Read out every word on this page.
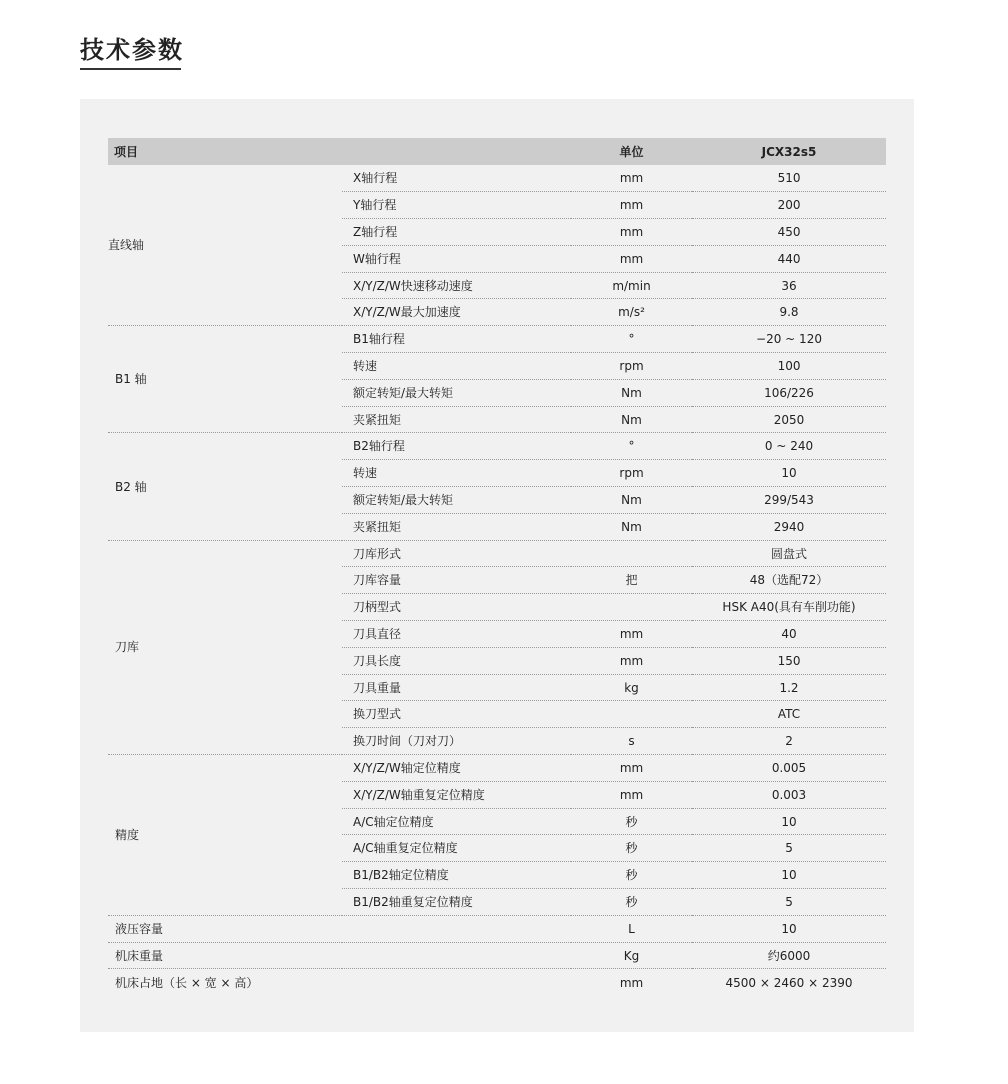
技术参数
项目		单位	JCX32s5
直线轴	X轴行程	mm	510
	Y轴行程	mm	200
	Z轴行程	mm	450
	W轴行程	mm	440
	X/Y/Z/W快速移动速度	m/min	36
	X/Y/Z/W最大加速度	m/s²	9.8
B1 轴	B1轴行程	°	−20 ~ 120
	转速	rpm	100
	额定转矩/最大转矩	Nm	106/226
	夹紧扭矩	Nm	2050
B2 轴	B2轴行程	°	0 ~ 240
	转速	rpm	10
	额定转矩/最大转矩	Nm	299/543
	夹紧扭矩	Nm	2940
刀库	刀库形式		圆盘式
	刀库容量	把	48（选配72）
	刀柄型式		HSK A40(具有车削功能)
	刀具直径	mm	40
	刀具长度	mm	150
	刀具重量	kg	1.2
	换刀型式		ATC
	换刀时间（刀对刀）	s	2
精度	X/Y/Z/W轴定位精度	mm	0.005
	X/Y/Z/W轴重复定位精度	mm	0.003
	A/C轴定位精度	秒	10
	A/C轴重复定位精度	秒	5
	B1/B2轴定位精度	秒	10
	B1/B2轴重复定位精度	秒	5
液压容量		L	10
机床重量		Kg	约6000
机床占地（长 × 宽 × 高）		mm	4500 × 2460 × 2390
